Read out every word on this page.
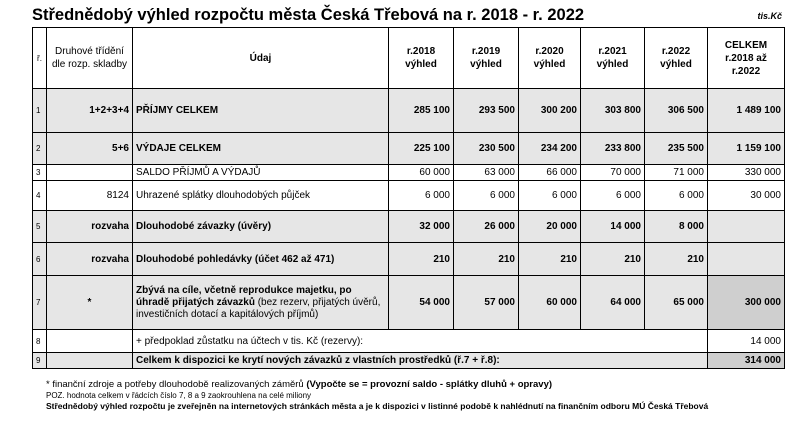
Střednědobý výhled rozpočtu města Česká Třebová na r. 2018 - r. 2022	tis.Kč
ř.	Druhové třídění dle rozp. skladby	Údaj	r.2018 výhled	r.2019 výhled	r.2020 výhled	r.2021 výhled	r.2022 výhled	CELKEM r.2018 až r.2022
1	1+2+3+4	PŘÍJMY CELKEM	285 100	293 500	300 200	303 800	306 500	1 489 100
2	5+6	VÝDAJE CELKEM	225 100	230 500	234 200	233 800	235 500	1 159 100
3		SALDO PŘÍJMŮ A VÝDAJŮ	60 000	63 000	66 000	70 000	71 000	330 000
4	8124	Uhrazené splátky dlouhodobých půjček	6 000	6 000	6 000	6 000	6 000	30 000
5	rozvaha	Dlouhodobé závazky (úvěry)	32 000	26 000	20 000	14 000	8 000	
6	rozvaha	Dlouhodobé pohledávky (účet 462 až 471)	210	210	210	210	210	
7	*	Zbývá na cíle, včetně reprodukce majetku, po úhradě přijatých závazků (bez rezerv, přijatých úvěrů, investičních dotací a kapitálových příjmů)	54 000	57 000	60 000	64 000	65 000	300 000
8		+ předpoklad zůstatku na účtech v tis. Kč (rezervy):						14 000
9		Celkem k dispozici ke krytí nových závazků z vlastních prostředků (ř.7 + ř.8):						314 000
* finanční zdroje a potřeby dlouhodobě realizovaných záměrů (Vypočte se = provozní saldo - splátky dluhů + opravy)
POZ. hodnota celkem v řádcích číslo 7, 8 a 9 zaokrouhlena na celé miliony
Střednědobý výhled rozpočtu je zveřejněn na internetových stránkách města a je k dispozici v listinné podobě k nahlédnutí na finančním odboru MÚ Česká Třebová
